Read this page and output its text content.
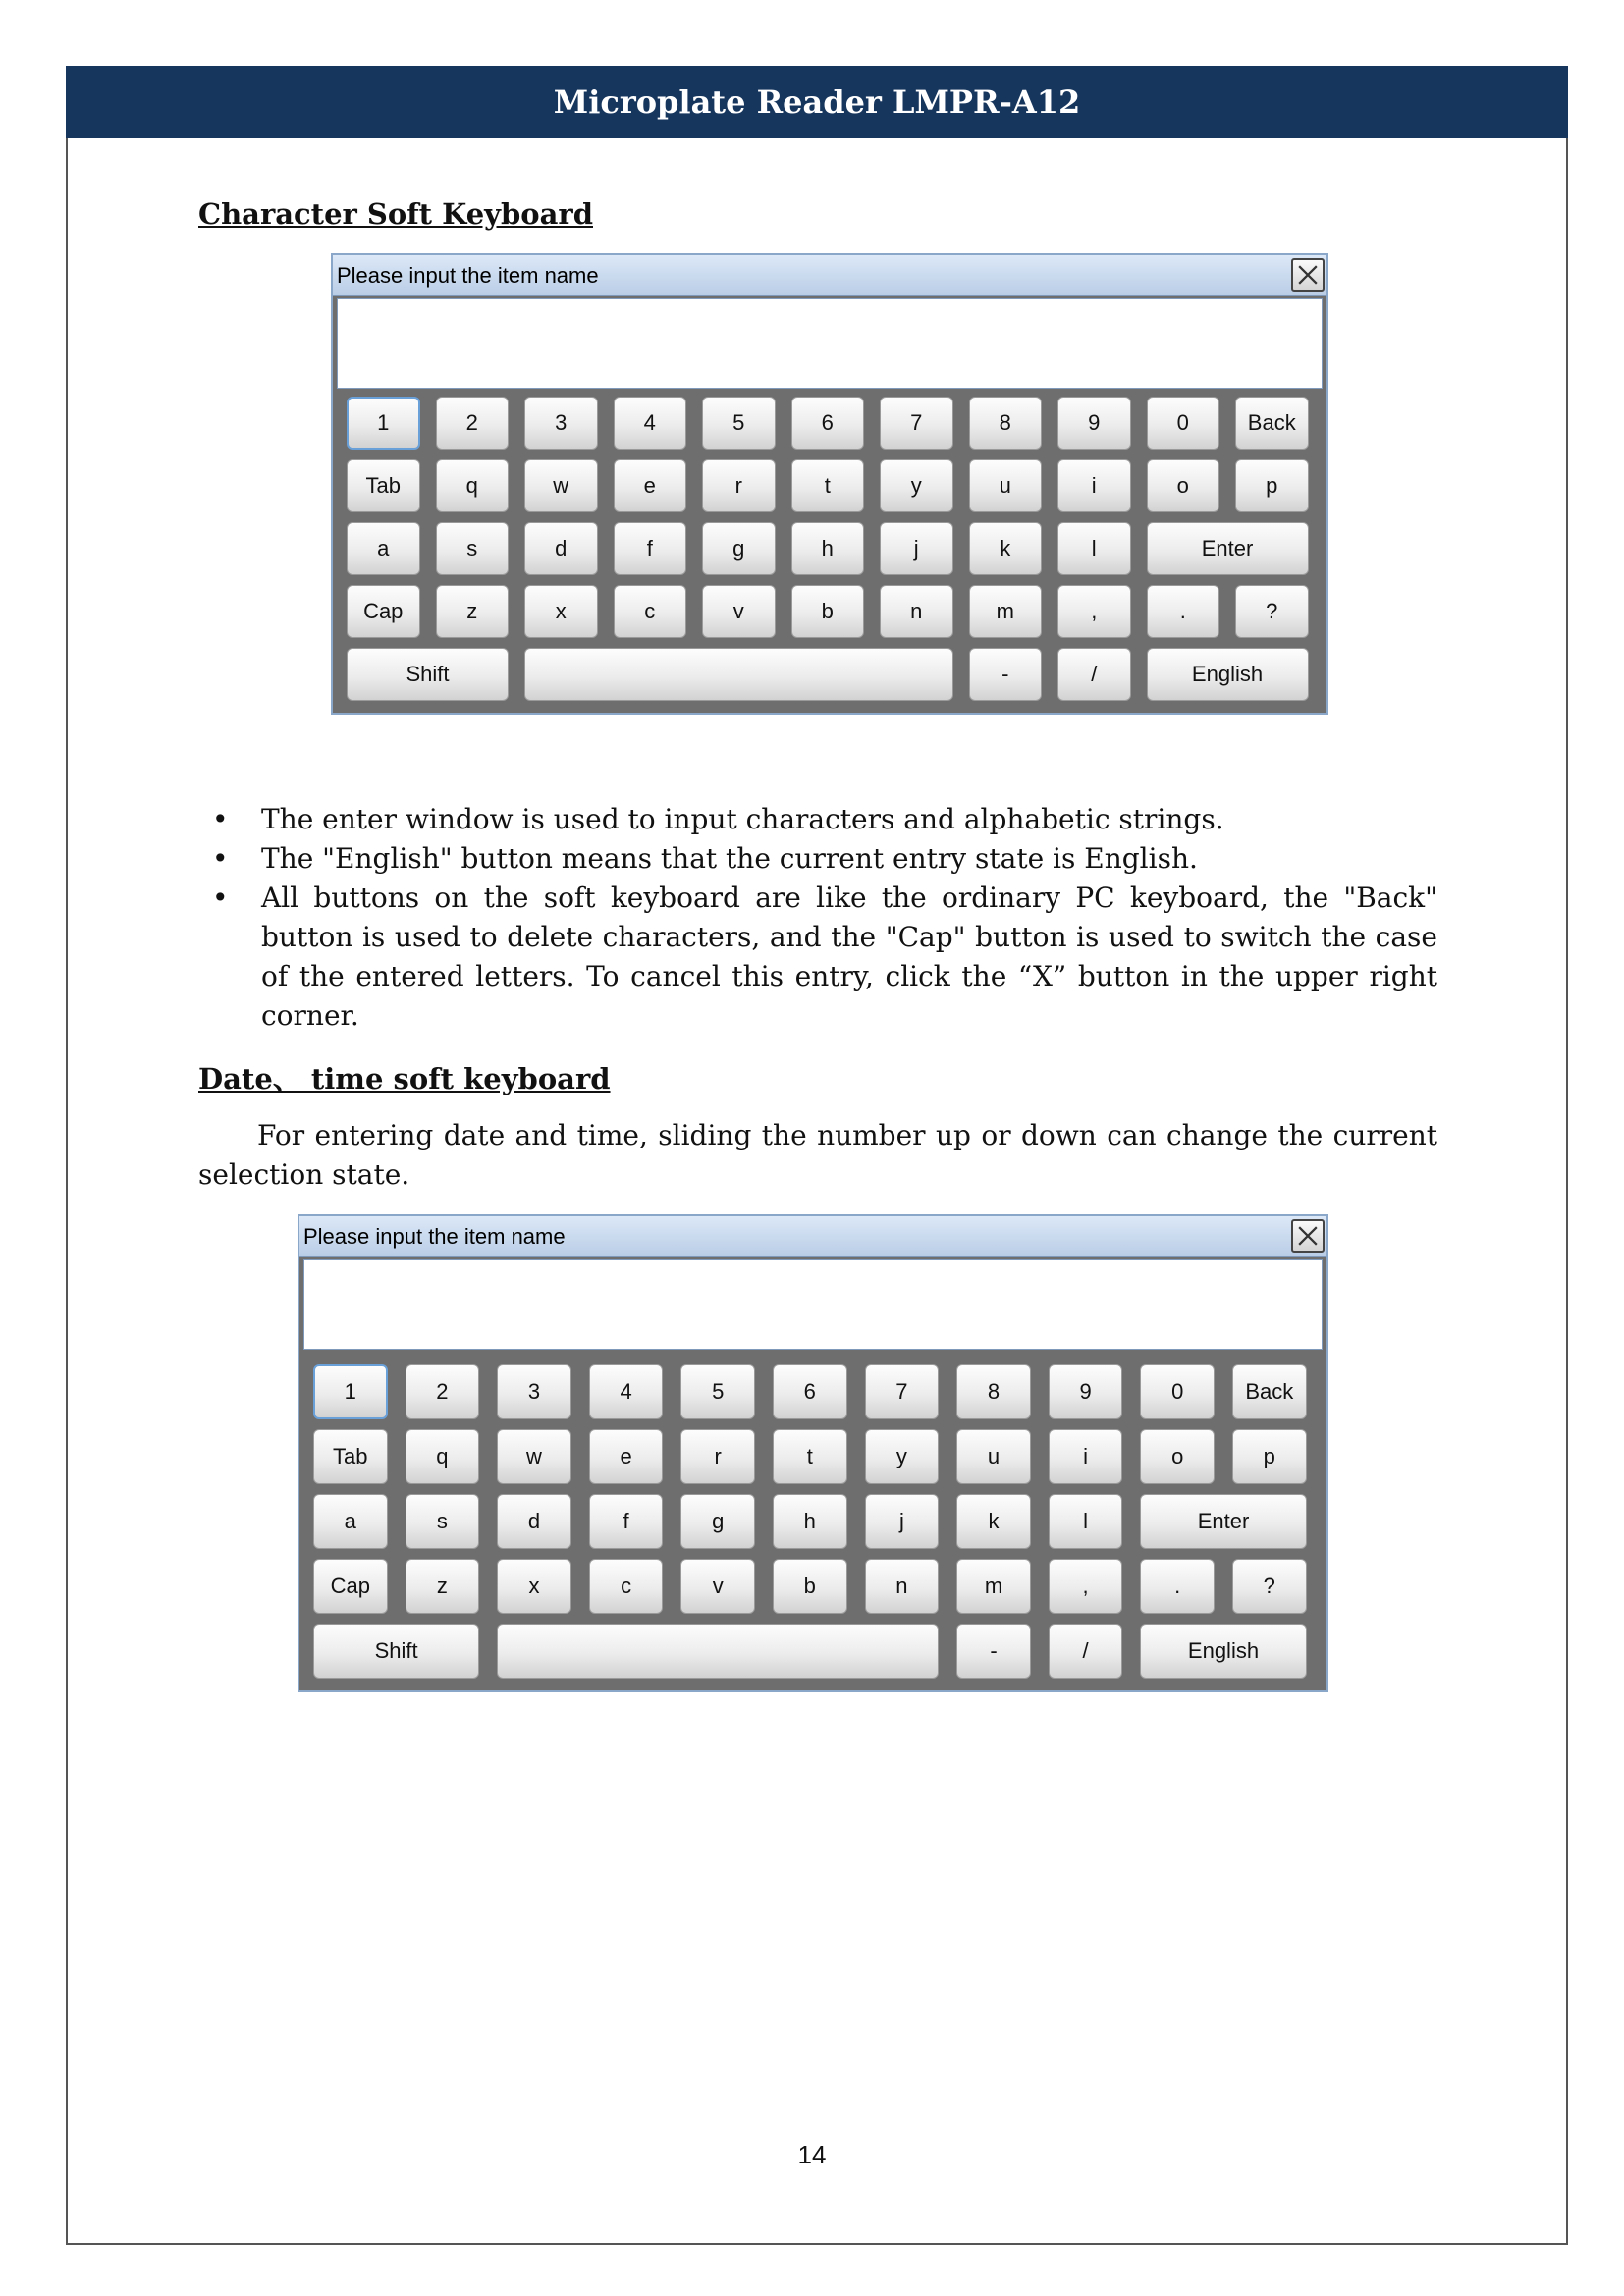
Microplate Reader LMPR-A12
Character Soft Keyboard
Please input the item name
1	2	3	4	5	6	7	8	9	0	Back
Tab	q	w	e	r	t	y	u	i	o	p
a	s	d	f	g	h	j	k	l	Enter
Cap	z	x	c	v	b	n	m	,	.	?
Shift	-	/	English
• The enter window is used to input characters and alphabetic strings.
• The "English" button means that the current entry state is English.
• All buttons on the soft keyboard are like the ordinary PC keyboard, the "Back" button is used to delete characters, and the "Cap" button is used to switch the case of the entered letters. To cancel this entry, click the “X” button in the upper right corner.
Date、 time soft keyboard

For entering date and time, sliding the number up or down can change the current selection state.

Please input the item name
1	2	3	4	5	6	7	8	9	0	Back
Tab	q	w	e	r	t	y	u	i	o	p
a	s	d	f	g	h	j	k	l	Enter
Cap	z	x	c	v	b	n	m	,	.	?
Shift	-	/	English
14
